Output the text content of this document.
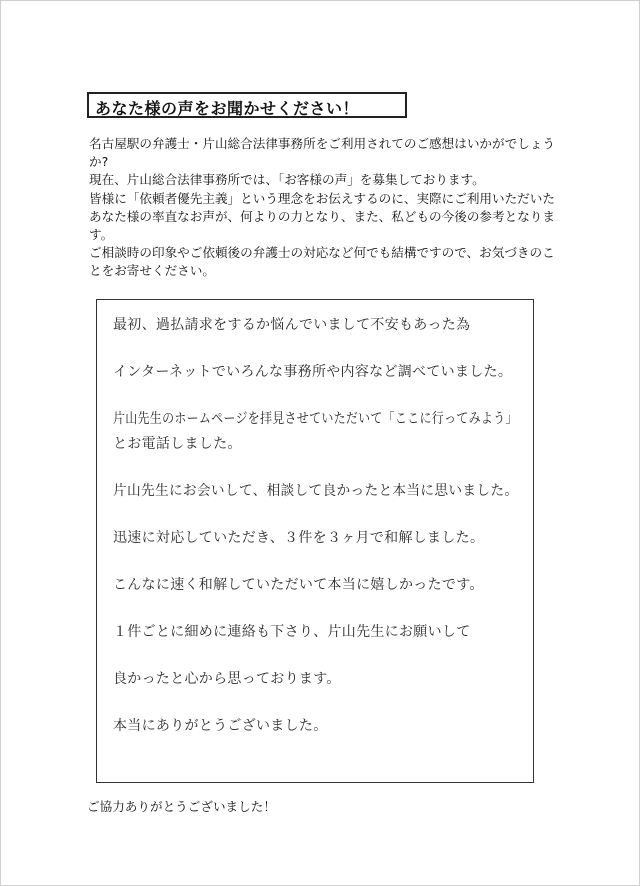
あなた様の声をお聞かせください！

名古屋駅の弁護士・片山総合法律事務所をご利用されてのご感想はいかがでしょうか?

現在、片山総合法律事務所では、「お客様の声」を募集しております。

皆様に「依頼者優先主義」という理念をお伝えするのに、実際にご利用いただいたあなた様の率直なお声が、何よりの力となり、また、私どもの今後の参考となります。

ご相談時の印象やご依頼後の弁護士の対応など何でも結構ですので、お気づきのことをお寄せください。

最初、過払請求をするか悩んでいまして不安もあった為
インターネットでいろんな事務所や内容など調べていました。
片山先生のホームページを拝見させていただいて「ここに行ってみよう」
とお電話しました。
片山先生にお会いして、相談して良かったと本当に思いました。
迅速に対応していただき、３件を３ヶ月で和解しました。
こんなに速く和解していただいて本当に嬉しかったです。
１件ごとに細めに連絡も下さり、片山先生にお願いして
良かったと心から思っております。
本当にありがとうございました。
ご協力ありがとうございました！
